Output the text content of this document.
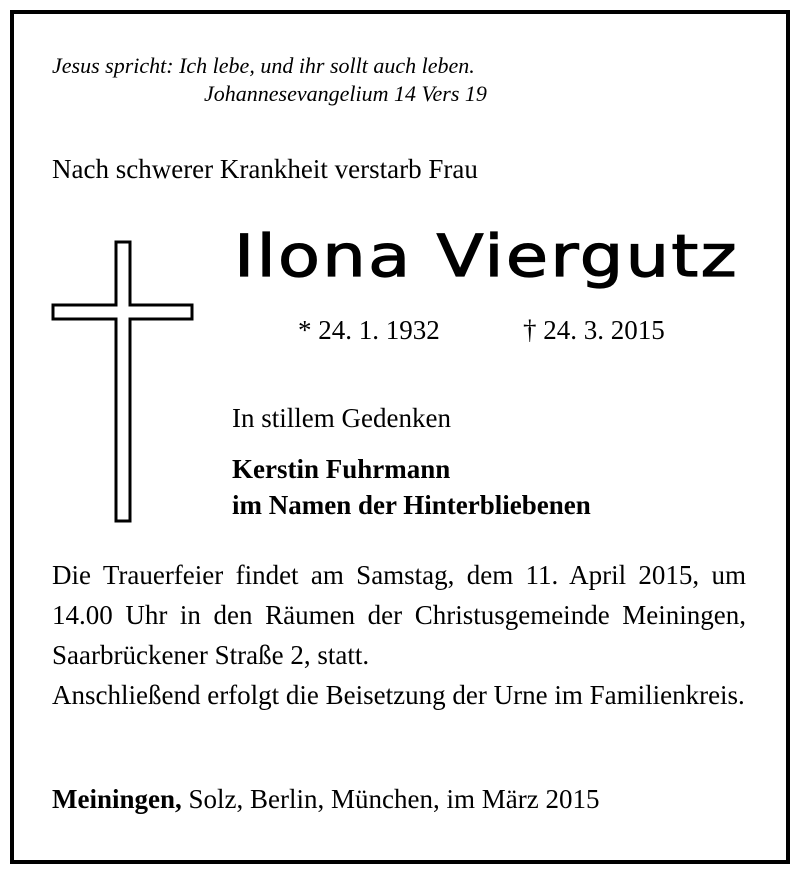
Jesus spricht: Ich lebe, und ihr sollt auch leben.
Johannesevangelium 14 Vers 19
Nach schwerer Krankheit verstarb Frau
Ilona Viergutz
* 24. 1. 1932	† 24. 3. 2015
In stillem Gedenken
Kerstin Fuhrmann
im Namen der Hinterbliebenen
Die Trauerfeier findet am Samstag, dem 11. April 2015, um 14.00 Uhr in den Räumen der Christusgemeinde Meiningen, Saarbrückener Straße 2, statt.
Anschließend erfolgt die Beisetzung der Urne im Familienkreis.
Meiningen, Solz, Berlin, München, im März 2015
